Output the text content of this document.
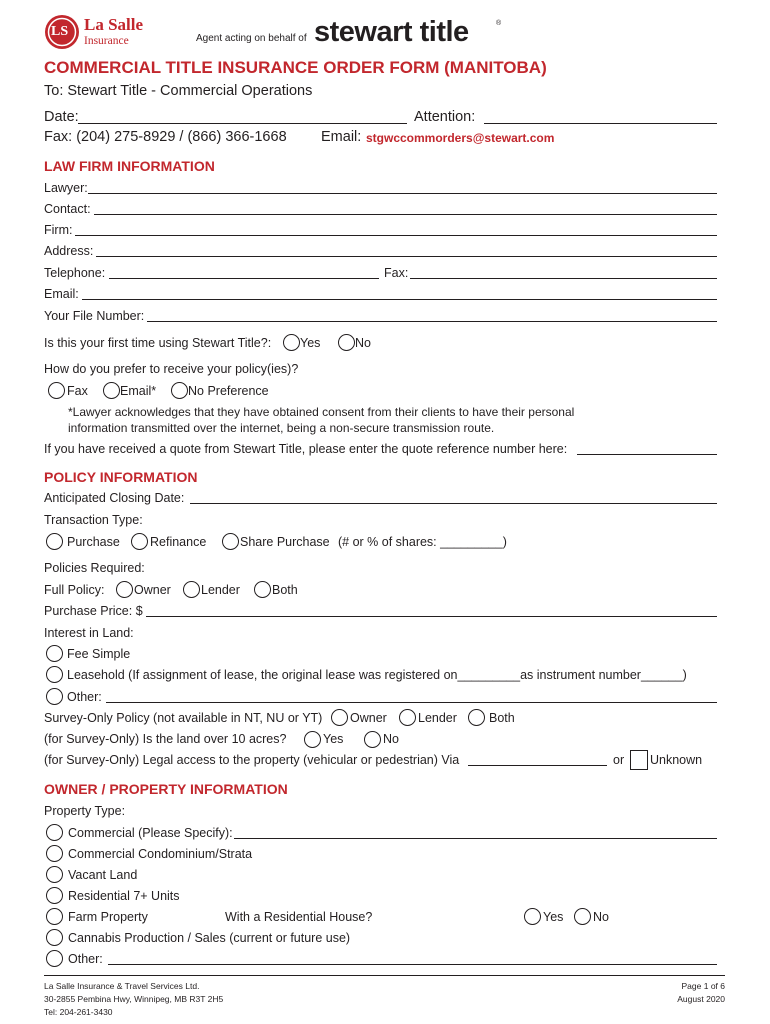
LS La Salle
Insurance	Agent acting on behalf of stewart title	®
COMMERCIAL TITLE INSURANCE ORDER FORM (MANITOBA)
To: Stewart Title - Commercial Operations
Date:	Attention:
Fax: (204) 275-8929 / (866) 366-1668 Email: stgwccommorders@stewart.com
LAW FIRM INFORMATION
Lawyer:
Contact:
Firm:
Address:
Telephone:	Fax:
Email:
Your File Number:
Is this your first time using Stewart Title?: Yes	No
How do you prefer to receive your policy(ies)?
Fax	Email*	No Preference
*Lawyer acknowledges that they have obtained consent from their clients to have their personal
information transmitted over the internet, being a non-secure transmission route.
If you have received a quote from Stewart Title, please enter the quote reference number here:
POLICY INFORMATION
Anticipated Closing Date:
Transaction Type:
Purchase Refinance	Share Purchase (# or % of shares: _________)
Policies Required:
Full Policy: Owner Lender	Both
Purchase Price: $
Interest in Land:
Fee Simple
Leasehold (If assignment of lease, the original lease was registered on_________as instrument number______)
Other:
Survey-Only Policy (not available in NT, NU or YT) Owner Lender	Both
(for Survey-Only) Is the land over 10 acres?	Yes	No
(for Survey-Only) Legal access to the property (vehicular or pedestrian) Via	or Unknown
OWNER / PROPERTY INFORMATION
Property Type:
Commercial (Please Specify):
Commercial Condominium/Strata
Vacant Land
Residential 7+ Units
Farm Property	With a Residential House?	Yes No
Cannabis Production / Sales (current or future use)
Other:
La Salle Insurance & Travel Services Ltd.
30-2855 Pembina Hwy, Winnipeg, MB R3T 2H5
Tel: 204-261-3430
Page 1 of 6
August 2020
